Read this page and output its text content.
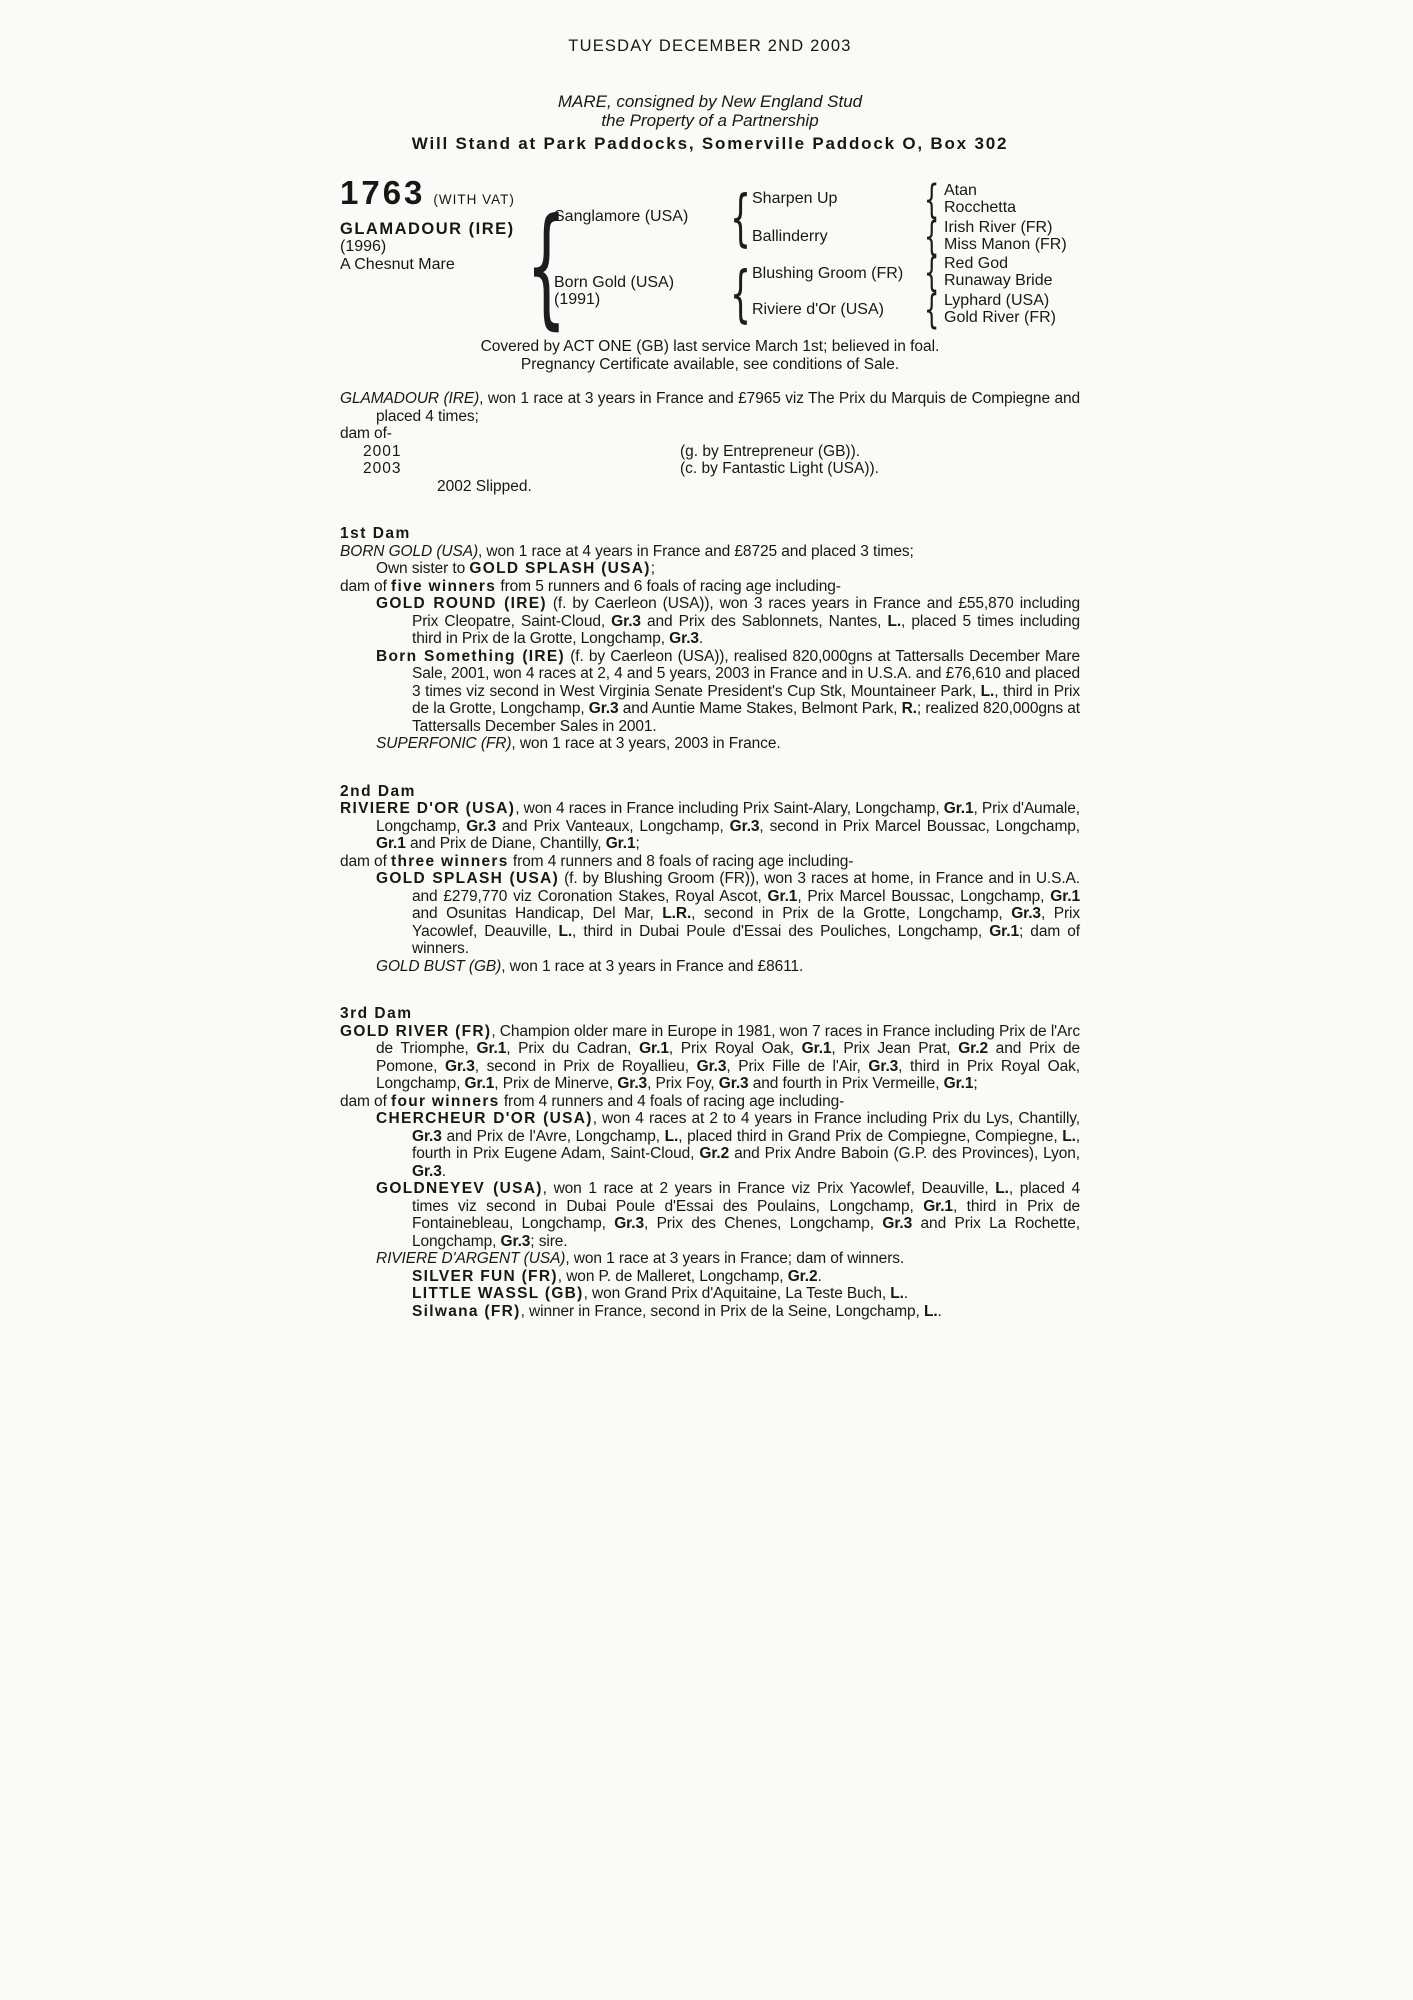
TUESDAY DECEMBER 2ND 2003
MARE, consigned by New England Stud
the Property of a Partnership
Will Stand at Park Paddocks, Somerville Paddock O, Box 302
1763 (WITH VAT)
GLAMADOUR (IRE)
(1996)
A Chesnut Mare
{
{
{
{
{
{
{
Sanglamore (USA)
Born Gold (USA)
(1991)
Sharpen Up
Ballinderry
Blushing Groom (FR)
Riviere d'Or (USA)
Atan
Rocchetta
Irish River (FR)
Miss Manon (FR)
Red God
Runaway Bride
Lyphard (USA)
Gold River (FR)
Covered by ACT ONE (GB) last service March 1st; believed in foal.
Pregnancy Certificate available, see conditions of Sale.

GLAMADOUR (IRE), won 1 race at 3 years in France and £7965 viz The Prix du Marquis de Compiegne and placed 4 times;

dam of-

2001	(g. by Entrepreneur (GB)).
2003	(c. by Fantastic Light (USA)).
2002 Slipped.

1st Dam

BORN GOLD (USA), won 1 race at 4 years in France and £8725 and placed 3 times;
Own sister to GOLD SPLASH (USA);

dam of five winners from 5 runners and 6 foals of racing age including-

GOLD ROUND (IRE) (f. by Caerleon (USA)), won 3 races years in France and £55,870 including Prix Cleopatre, Saint-Cloud, Gr.3 and Prix des Sablonnets, Nantes, L., placed 5 times including third in Prix de la Grotte, Longchamp, Gr.3.

Born Something (IRE) (f. by Caerleon (USA)), realised 820,000gns at Tattersalls December Mare Sale, 2001, won 4 races at 2, 4 and 5 years, 2003 in France and in U.S.A. and £76,610 and placed 3 times viz second in West Virginia Senate President's Cup Stk, Mountaineer Park, L., third in Prix de la Grotte, Longchamp, Gr.3 and Auntie Mame Stakes, Belmont Park, R.; realized 820,000gns at Tattersalls December Sales in 2001.

SUPERFONIC (FR), won 1 race at 3 years, 2003 in France.

2nd Dam

RIVIERE D'OR (USA), won 4 races in France including Prix Saint-Alary, Longchamp, Gr.1, Prix d'Aumale, Longchamp, Gr.3 and Prix Vanteaux, Longchamp, Gr.3, second in Prix Marcel Boussac, Longchamp, Gr.1 and Prix de Diane, Chantilly, Gr.1;

dam of three winners from 4 runners and 8 foals of racing age including-

GOLD SPLASH (USA) (f. by Blushing Groom (FR)), won 3 races at home, in France and in U.S.A. and £279,770 viz Coronation Stakes, Royal Ascot, Gr.1, Prix Marcel Boussac, Longchamp, Gr.1 and Osunitas Handicap, Del Mar, L.R., second in Prix de la Grotte, Longchamp, Gr.3, Prix Yacowlef, Deauville, L., third in Dubai Poule d'Essai des Pouliches, Longchamp, Gr.1; dam of winners.

GOLD BUST (GB), won 1 race at 3 years in France and £8611.

3rd Dam

GOLD RIVER (FR), Champion older mare in Europe in 1981, won 7 races in France including Prix de l'Arc de Triomphe, Gr.1, Prix du Cadran, Gr.1, Prix Royal Oak, Gr.1, Prix Jean Prat, Gr.2 and Prix de Pomone, Gr.3, second in Prix de Royallieu, Gr.3, Prix Fille de l'Air, Gr.3, third in Prix Royal Oak, Longchamp, Gr.1, Prix de Minerve, Gr.3, Prix Foy, Gr.3 and fourth in Prix Vermeille, Gr.1;

dam of four winners from 4 runners and 4 foals of racing age including-

CHERCHEUR D'OR (USA), won 4 races at 2 to 4 years in France including Prix du Lys, Chantilly, Gr.3 and Prix de l'Avre, Longchamp, L., placed third in Grand Prix de Compiegne, Compiegne, L., fourth in Prix Eugene Adam, Saint-Cloud, Gr.2 and Prix Andre Baboin (G.P. des Provinces), Lyon, Gr.3.

GOLDNEYEV (USA), won 1 race at 2 years in France viz Prix Yacowlef, Deauville, L., placed 4 times viz second in Dubai Poule d'Essai des Poulains, Longchamp, Gr.1, third in Prix de Fontainebleau, Longchamp, Gr.3, Prix des Chenes, Longchamp, Gr.3 and Prix La Rochette, Longchamp, Gr.3; sire.

RIVIERE D'ARGENT (USA), won 1 race at 3 years in France; dam of winners.

SILVER FUN (FR), won P. de Malleret, Longchamp, Gr.2.

LITTLE WASSL (GB), won Grand Prix d'Aquitaine, La Teste Buch, L..

Silwana (FR), winner in France, second in Prix de la Seine, Longchamp, L..
